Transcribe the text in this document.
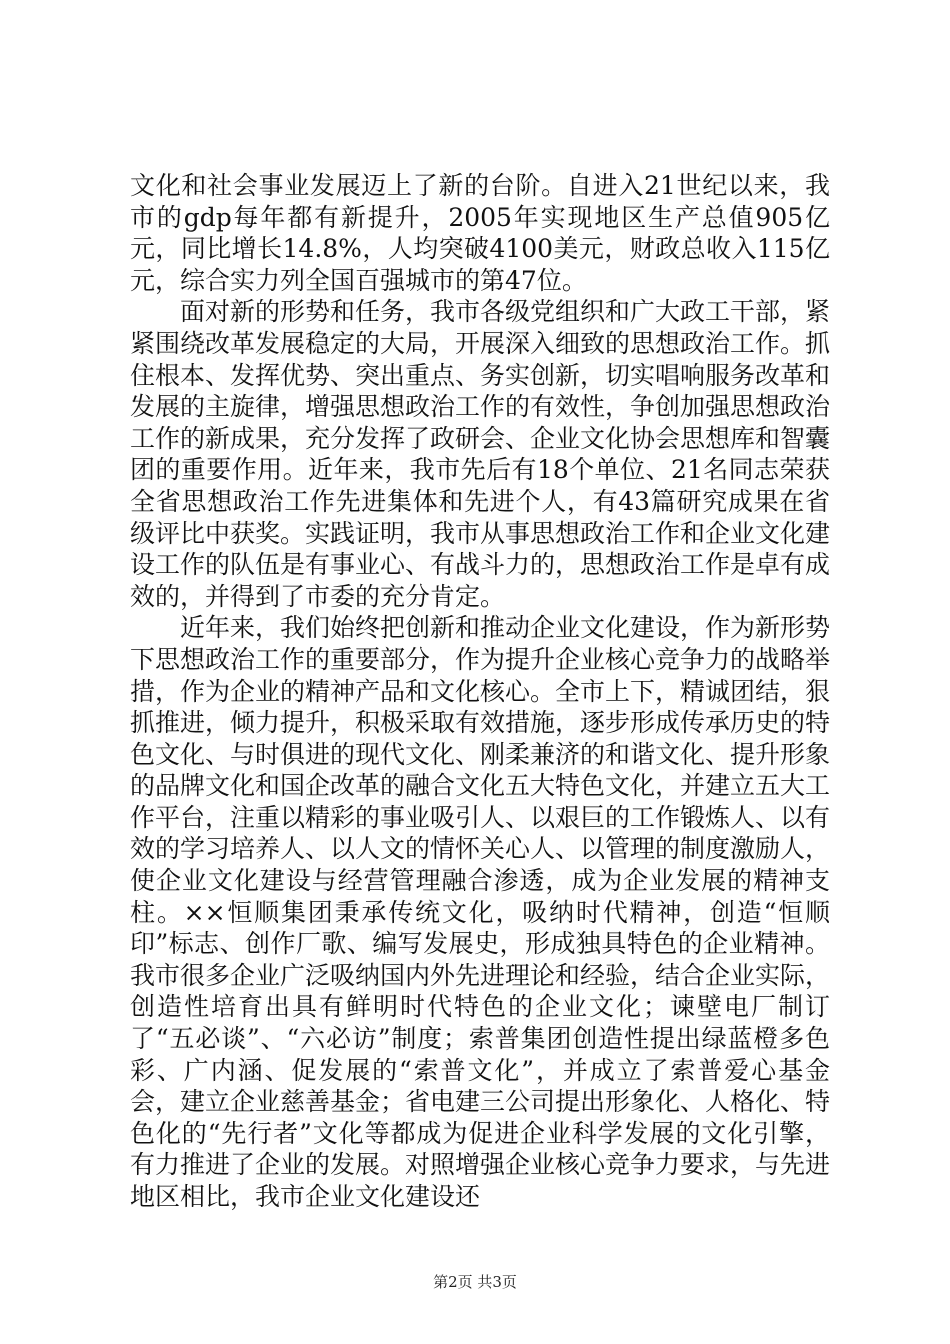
文化和社会事业发展迈上了新的台阶。自进入21世纪以来，我市的gdp每年都有新提升，2005年实现地区生产总值905亿元，同比增长14.8%，人均突破4100美元，财政总收入115亿元，综合实力列全国百强城市的第47位。

面对新的形势和任务，我市各级党组织和广大政工干部，紧紧围绕改革发展稳定的大局，开展深入细致的思想政治工作。抓住根本、发挥优势、突出重点、务实创新，切实唱响服务改革和发展的主旋律，增强思想政治工作的有效性，争创加强思想政治工作的新成果，充分发挥了政研会、企业文化协会思想库和智囊团的重要作用。近年来，我市先后有18个单位、21名同志荣获全省思想政治工作先进集体和先进个人，有43篇研究成果在省级评比中获奖。实践证明，我市从事思想政治工作和企业文化建设工作的队伍是有事业心、有战斗力的，思想政治工作是卓有成效的，并得到了市委的充分肯定。

近年来，我们始终把创新和推动企业文化建设，作为新形势下思想政治工作的重要部分，作为提升企业核心竞争力的战略举措，作为企业的精神产品和文化核心。全市上下，精诚团结，狠抓推进，倾力提升，积极采取有效措施，逐步形成传承历史的特色文化、与时俱进的现代文化、刚柔兼济的和谐文化、提升形象的品牌文化和国企改革的融合文化五大特色文化，并建立五大工作平台，注重以精彩的事业吸引人、以艰巨的工作锻炼人、以有效的学习培养人、以人文的情怀关心人、以管理的制度激励人，使企业文化建设与经营管理融合渗透，成为企业发展的精神支柱。××恒顺集团秉承传统文化，吸纳时代精神，创造“恒顺印”标志、创作厂歌、编写发展史，形成独具特色的企业精神。我市很多企业广泛吸纳国内外先进理论和经验，结合企业实际，创造性培育出具有鲜明时代特色的企业文化；谏壁电厂制订了“五必谈”、“六必访”制度；索普集团创造性提出绿蓝橙多色彩、广内涵、促发展的“索普文化”，并成立了索普爱心基金会，建立企业慈善基金；省电建三公司提出形象化、人格化、特色化的“先行者”文化等都成为促进企业科学发展的文化引擎，有力推进了企业的发展。对照增强企业核心竞争力要求，与先进地区相比，我市企业文化建设还

第2页 共3页
